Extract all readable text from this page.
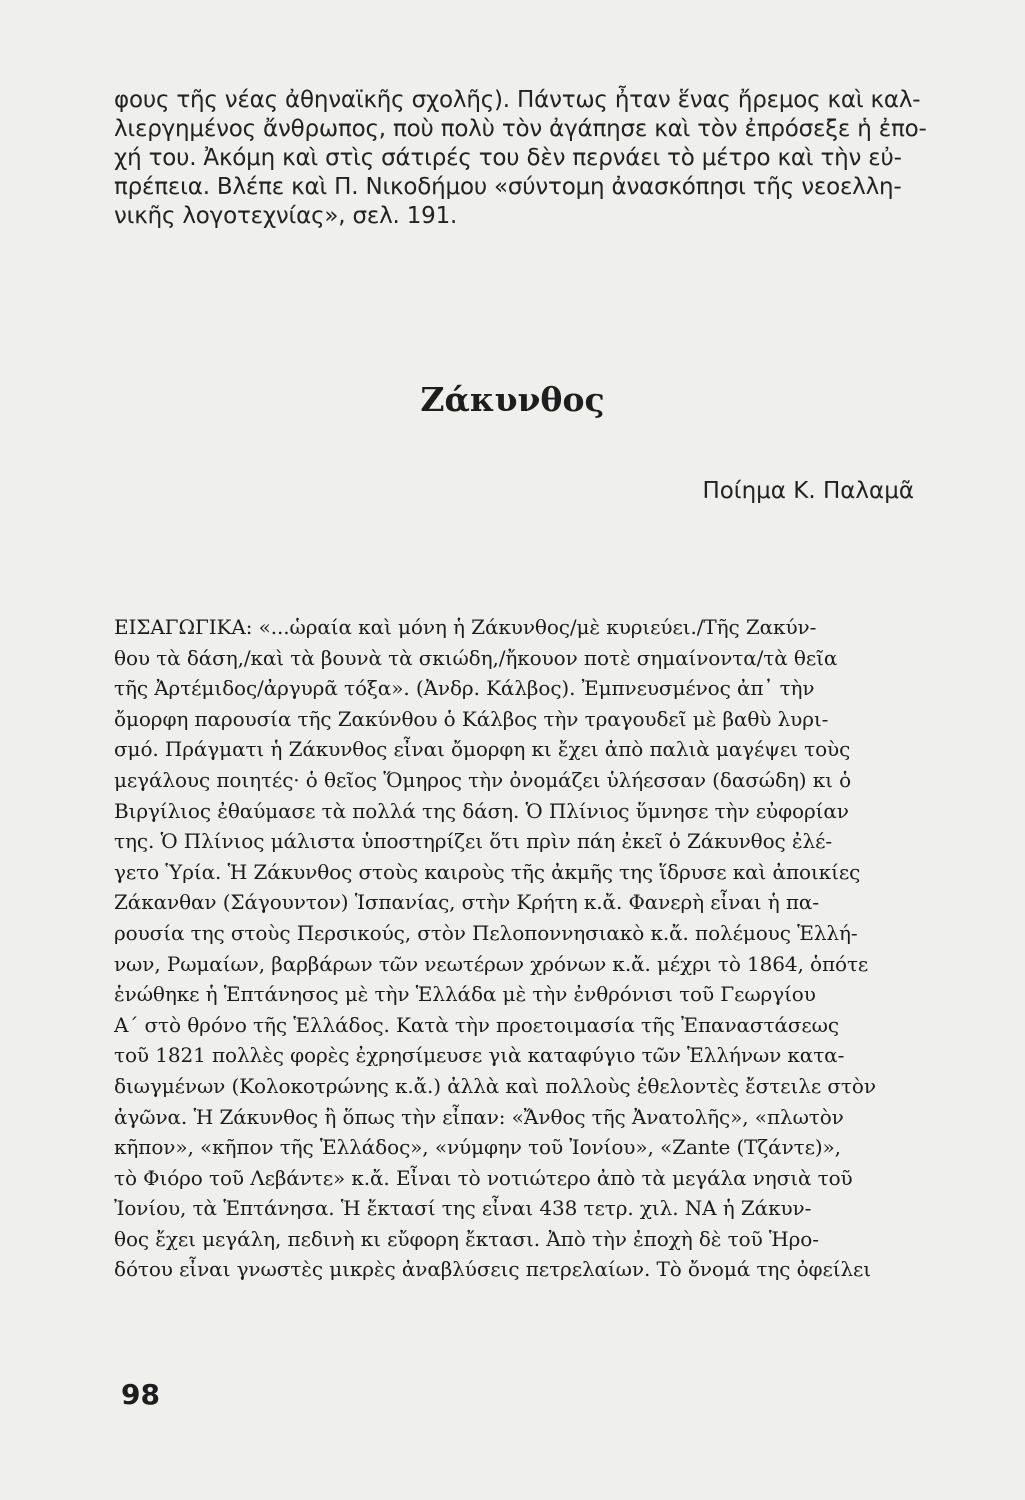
φους τῆς νέας ἀθηναϊκῆς σχολῆς). Πάντως ἦταν ἕνας ἤρεμος καὶ καλ-

λιεργημένος ἄνθρωπος, ποὺ πολὺ τὸν ἀγάπησε καὶ τὸν ἐπρόσεξε ἡ ἐπο-

χή του. Ἀκόμη καὶ στὶς σάτιρές του δὲν περνάει τὸ μέτρο καὶ τὴν εὐ-

πρέπεια. Βλέπε καὶ Π. Νικοδήμου «σύντομη ἀνασκόπησι τῆς νεοελλη-

νικῆς λογοτεχνίας», σελ. 191.

Ζάκυνθος
Ποίημα Κ. Παλαμᾶ

ΕΙΣΑΓΩΓΙΚΑ: «...ὡραία καὶ μόνη ἡ Ζάκυνθος/μὲ κυριεύει./Τῆς Ζακύν-

θου τὰ δάση,/καὶ τὰ βουνὰ τὰ σκιώδη,/ἤκουον ποτὲ σημαίνοντα/τὰ θεῖα

τῆς Ἀρτέμιδος/ἀργυρᾶ τόξα». (Ἀνδρ. Κάλβος). Ἐμπνευσμένος ἀπ᾽ τὴν

ὄμορφη παρουσία τῆς Ζακύνθου ὁ Κάλβος τὴν τραγουδεῖ μὲ βαθὺ λυρι-

σμό. Πράγματι ἡ Ζάκυνθος εἶναι ὄμορφη κι ἔχει ἀπὸ παλιὰ μαγέψει τοὺς

μεγάλους ποιητές· ὁ θεῖος Ὅμηρος τὴν ὀνομάζει ὑλήεσσαν (δασώδη) κι ὁ

Βιργίλιος ἐθαύμασε τὰ πολλά της δάση. Ὁ Πλίνιος ὕμνησε τὴν εὐφορίαν

της. Ὁ Πλίνιος μάλιστα ὑποστηρίζει ὅτι πρὶν πάη ἐκεῖ ὁ Ζάκυνθος ἐλέ-

γετο Ὑρία. Ἡ Ζάκυνθος στοὺς καιροὺς τῆς ἀκμῆς της ἵδρυσε καὶ ἀποικίες

Ζάκανθαν (Σάγουντον) Ἱσπανίας, στὴν Κρήτη κ.ἄ. Φανερὴ εἶναι ἡ πα-

ρουσία της στοὺς Περσικούς, στὸν Πελοποννησιακὸ κ.ἄ. πολέμους Ἑλλή-

νων, Ρωμαίων, βαρβάρων τῶν νεωτέρων χρόνων κ.ἄ. μέχρι τὸ 1864, ὁπότε

ἑνώθηκε ἡ Ἑπτάνησος μὲ τὴν Ἑλλάδα μὲ τὴν ἐνθρόνισι τοῦ Γεωργίου

Α΄ στὸ θρόνο τῆς Ἑλλάδος. Κατὰ τὴν προετοιμασία τῆς Ἐπαναστάσεως

τοῦ 1821 πολλὲς φορὲς ἐχρησίμευσε γιὰ καταφύγιο τῶν Ἑλλήνων κατα-

διωγμένων (Κολοκοτρώνης κ.ἄ.) ἀλλὰ καὶ πολλοὺς ἐθελοντὲς ἔστειλε στὸν

ἀγῶνα. Ἡ Ζάκυνθος ἢ ὅπως τὴν εἶπαν: «Ἄνθος τῆς Ἀνατολῆς», «πλωτὸν

κῆπον», «κῆπον τῆς Ἑλλάδος», «νύμφην τοῦ Ἰονίου», «Zante (Τζάντε)»,

τὸ Φιόρο τοῦ Λεβάντε» κ.ἄ. Εἶναι τὸ νοτιώτερο ἀπὸ τὰ μεγάλα νησιὰ τοῦ

Ἰονίου, τὰ Ἑπτάνησα. Ἡ ἔκτασί της εἶναι 438 τετρ. χιλ. ΝΑ ἡ Ζάκυν-

θος ἔχει μεγάλη, πεδινὴ κι εὔφορη ἔκτασι. Ἀπὸ τὴν ἐποχὴ δὲ τοῦ Ἡρο-

δότου εἶναι γνωστὲς μικρὲς ἀναβλύσεις πετρελαίων. Τὸ ὄνομά της ὀφείλει

98
